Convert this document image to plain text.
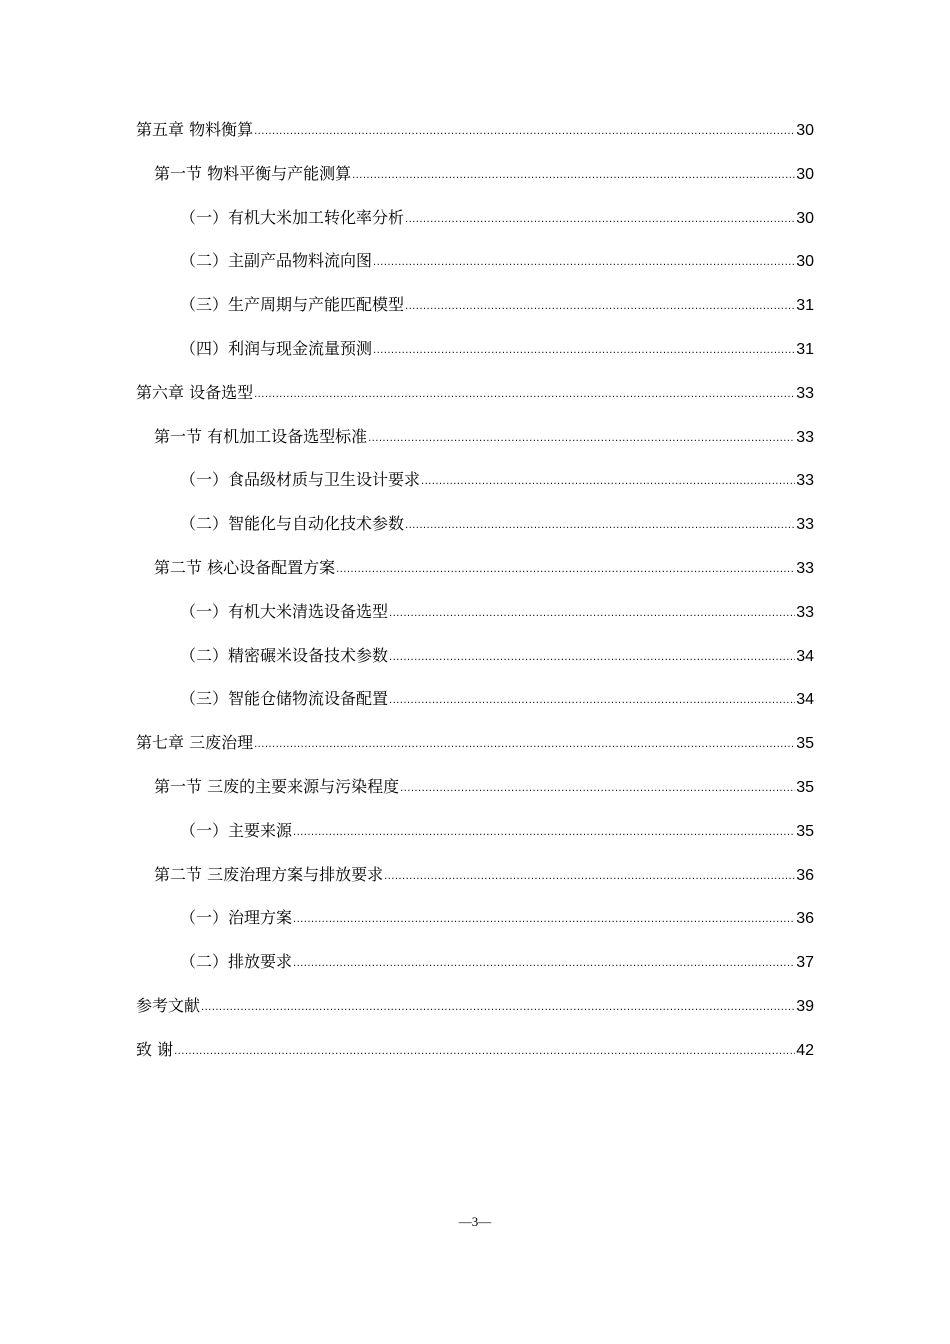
第五章 物料衡算 .....	30
第一节 物料平衡与产能测算 .....	30
（一）有机大米加工转化率分析 .....	30
（二）主副产品物料流向图 .....	30
（三）生产周期与产能匹配模型 .....	31
（四）利润与现金流量预测 .....	31
第六章 设备选型 .....	33
第一节 有机加工设备选型标准 .....	33
（一）食品级材质与卫生设计要求 .....	33
（二）智能化与自动化技术参数 .....	33
第二节 核心设备配置方案 .....	33
（一）有机大米清选设备选型 .....	33
（二）精密碾米设备技术参数 .....	34
（三）智能仓储物流设备配置 .....	34
第七章 三废治理 .....	35
第一节 三废的主要来源与污染程度 .....	35
（一）主要来源 .....	35
第二节 三废治理方案与排放要求 .....	36
（一）治理方案 .....	36
（二）排放要求 .....	37
参考文献 .....	39
致 谢 .....	42
—3—
